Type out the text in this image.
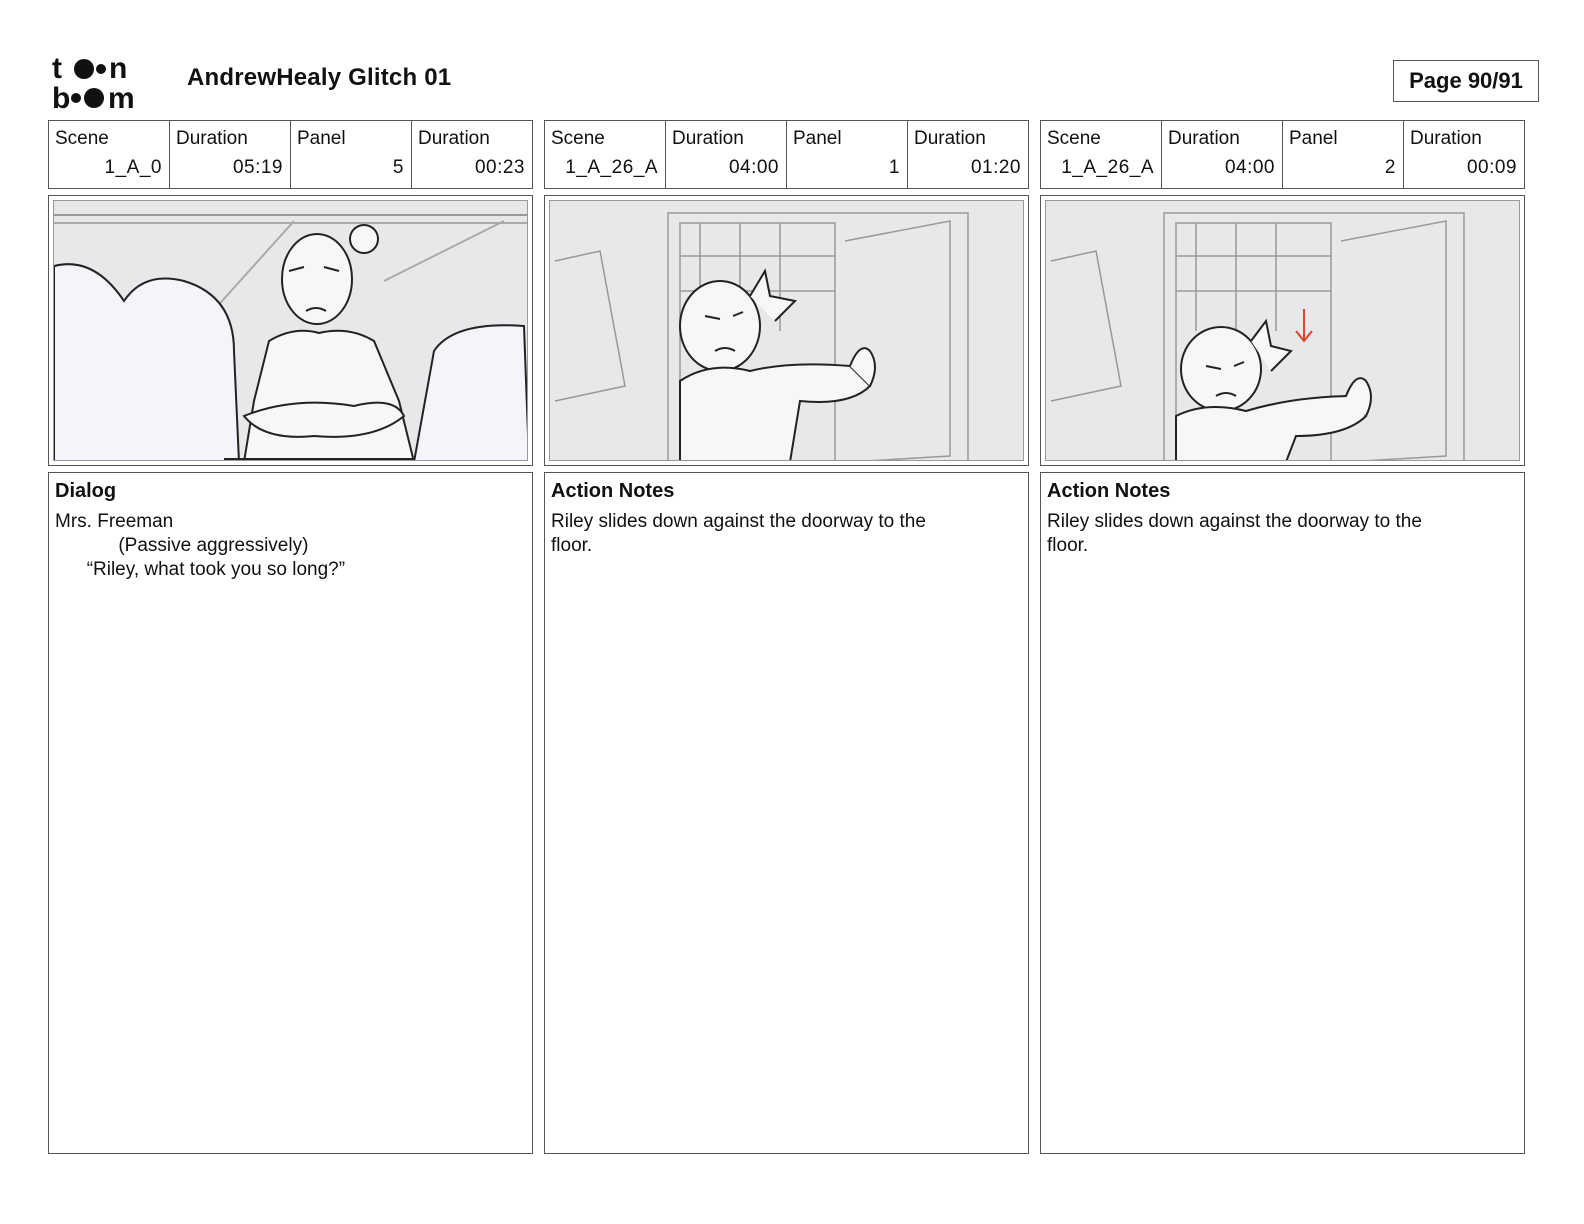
t n
b m
AndrewHealy Glitch 01	Page 90/91
Scene
1_A_0
Duration
05:19
Panel
5
Duration
00:23
Dialog
Mrs. Freeman
(Passive aggressively)
“Riley, what took you so long?”
Scene
1_A_26_A
Duration
04:00
Panel
1
Duration
01:20
Action Notes
Riley slides down against the doorway to the
floor.
Scene
1_A_26_A
Duration
04:00
Panel
2
Duration
00:09
Action Notes
Riley slides down against the doorway to the
floor.
